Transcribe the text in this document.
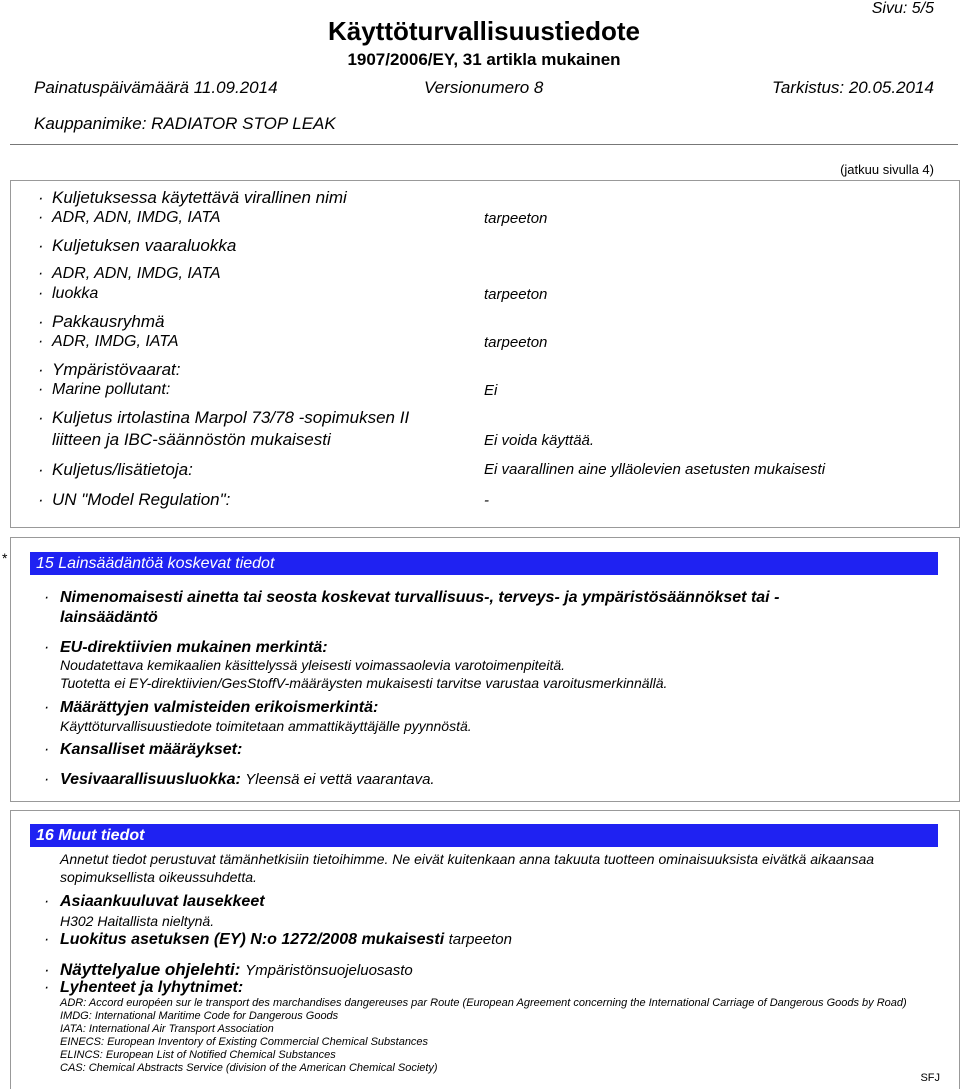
Sivu: 5/5
Käyttöturvallisuustiedote
1907/2006/EY, 31 artikla mukainen
Painatuspäivämäärä 11.09.2014	Versionumero 8	Tarkistus: 20.05.2014
Kauppanimike: RADIATOR STOP LEAK
(jatkuu sivulla 4)
· Kuljetuksessa käytettävä virallinen nimi
· ADR, ADN, IMDG, IATA	tarpeeton
· Kuljetuksen vaaraluokka
· ADR, ADN, IMDG, IATA
· luokka	tarpeeton
· Pakkausryhmä
· ADR, IMDG, IATA	tarpeeton
· Ympäristövaarat:
· Marine pollutant:	Ei
· Kuljetus irtolastina Marpol 73/78 -sopimuksen II
liitteen ja IBC-säännöstön mukaisesti	Ei voida käyttää.
· Kuljetus/lisätietoja:	Ei vaarallinen aine ylläolevien asetusten mukaisesti
· UN "Model Regulation":	-
*	15 Lainsäädäntöä koskevat tiedot
· Nimenomaisesti ainetta tai seosta koskevat turvallisuus-, terveys- ja ympäristösäännökset tai -
lainsäädäntö
· EU-direktiivien mukainen merkintä:
Noudatettava kemikaalien käsittelyssä yleisesti voimassaolevia varotoimenpiteitä.
Tuotetta ei EY-direktiivien/GesStoffV-määräysten mukaisesti tarvitse varustaa varoitusmerkinnällä.
· Määrättyjen valmisteiden erikoismerkintä:
Käyttöturvallisuustiedote toimitetaan ammattikäyttäjälle pyynnöstä.
· Kansalliset määräykset:
· Vesivaarallisuusluokka: Yleensä ei vettä vaarantava.
16 Muut tiedot
Annetut tiedot perustuvat tämänhetkisiin tietoihimme. Ne eivät kuitenkaan anna takuuta tuotteen ominaisuuksista eivätkä aikaansaa
sopimuksellista oikeussuhdetta.
· Asiaankuuluvat lausekkeet
H302 Haitallista nieltynä.
· Luokitus asetuksen (EY) N:o 1272/2008 mukaisesti tarpeeton
· Näyttelyalue ohjelehti: Ympäristönsuojeluosasto
· Lyhenteet ja lyhytnimet:
ADR: Accord européen sur le transport des marchandises dangereuses par Route (European Agreement concerning the International Carriage of Dangerous Goods by Road)
IMDG: International Maritime Code for Dangerous Goods
IATA: International Air Transport Association
EINECS: European Inventory of Existing Commercial Chemical Substances
ELINCS: European List of Notified Chemical Substances
CAS: Chemical Abstracts Service (division of the American Chemical Society)
SFJ
